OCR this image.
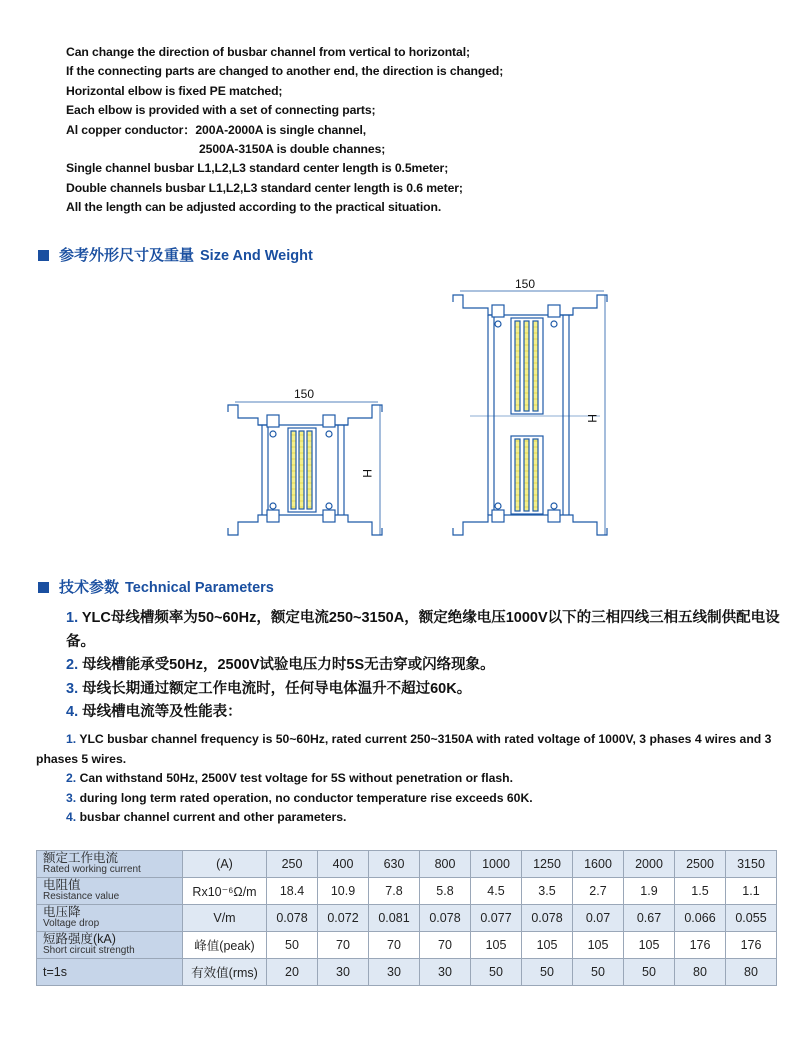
Can change the direction of busbar channel from vertical to horizontal;
If the connecting parts are changed to another end, the direction is changed;
Horizontal elbow is fixed PE matched;
Each elbow is provided with a set of connecting parts;
Al copper conductor：200A-2000A is single channel,
2500A-3150A is double channes;
Single channel busbar L1,L2,L3 standard center length is 0.5meter;
Double channels busbar L1,L2,L3 standard center length is 0.6 meter;
All the length can be adjusted according to the practical situation.
参考外形尺寸及重量 Size And Weight
150
H
150
H
技术参数 Technical Parameters

1. YLC母线槽频率为50~60Hz，额定电流250~3150A，额定绝缘电压1000V以下的三相四线三相五线制供配电设备。

2. 母线槽能承受50Hz，2500V试验电压力时5S无击穿或闪络现象。

3. 母线长期通过额定工作电流时，任何导电体温升不超过60K。

4. 母线槽电流等及性能表：

1. YLC busbar channel frequency is 50~60Hz, rated current 250~3150A with rated voltage of 1000V, 3 phases 4 wires and 3 phases 5 wires.

2. Can withstand 50Hz, 2500V test voltage for 5S without penetration or flash.

3. during long term rated operation, no conductor temperature rise exceeds 60K.

4. busbar channel current and other parameters.

额定工作电流
Rated working current	(A)	250	400	630	800	1000	1250	1600	2000	2500	3150

电阻值
Resistance value	Rx10⁻⁶Ω/m	18.4	10.9	7.8	5.8	4.5	3.5	2.7	1.9	1.5	1.1

电压降
Voltage drop	V/m	0.078	0.072	0.081	0.078	0.077	0.078	0.07	0.67	0.066	0.055

短路强度(kA)
Short circuit strength	峰值(peak)	50	70	70	70	105	105	105	105	176	176

t=1s	有效值(rms)	20	30	30	30	50	50	50	50	80	80
